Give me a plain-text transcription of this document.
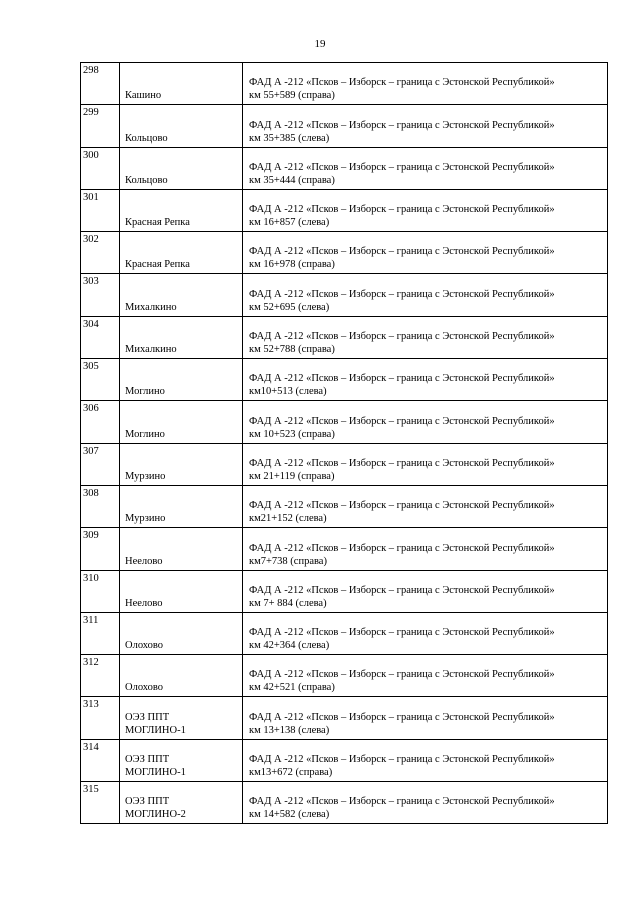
19
298	Кашино	ФАД А -212 «Псков – Изборск – граница с Эстонской Республикой»
км 55+589 (справа)

299	Кольцово	ФАД А -212 «Псков – Изборск – граница с Эстонской Республикой»
км 35+385 (слева)

300	Кольцово	ФАД А -212 «Псков – Изборск – граница с Эстонской Республикой»
км 35+444 (справа)

301	Красная Репка	ФАД А -212 «Псков – Изборск – граница с Эстонской Республикой»
км 16+857 (слева)

302	Красная Репка	ФАД А -212 «Псков – Изборск – граница с Эстонской Республикой»
км 16+978 (справа)

303	Михалкино	ФАД А -212 «Псков – Изборск – граница с Эстонской Республикой»
км 52+695 (слева)

304	Михалкино	ФАД А -212 «Псков – Изборск – граница с Эстонской Республикой»
км 52+788 (справа)

305	Моглино	ФАД А -212 «Псков – Изборск – граница с Эстонской Республикой»
км10+513 (слева)

306	Моглино	ФАД А -212 «Псков – Изборск – граница с Эстонской Республикой»
км 10+523 (справа)

307	Мурзино	ФАД А -212 «Псков – Изборск – граница с Эстонской Республикой»
км 21+119 (справа)

308	Мурзино	ФАД А -212 «Псков – Изборск – граница с Эстонской Республикой»
км21+152 (слева)

309	Неелово	ФАД А -212 «Псков – Изборск – граница с Эстонской Республикой»
км7+738 (справа)

310	Неелово	ФАД А -212 «Псков – Изборск – граница с Эстонской Республикой»
км 7+ 884 (слева)

311	Олохово	ФАД А -212 «Псков – Изборск – граница с Эстонской Республикой»
км 42+364 (слева)

312	Олохово	ФАД А -212 «Псков – Изборск – граница с Эстонской Республикой»
км 42+521 (справа)

313	ОЭЗ ППТ
МОГЛИНО-1	ФАД А -212 «Псков – Изборск – граница с Эстонской Республикой»
км 13+138 (слева)

314	ОЭЗ ППТ
МОГЛИНО-1	ФАД А -212 «Псков – Изборск – граница с Эстонской Республикой»
км13+672 (справа)

315	ОЭЗ ППТ
МОГЛИНО-2	ФАД А -212 «Псков – Изборск – граница с Эстонской Республикой»
км 14+582 (слева)
